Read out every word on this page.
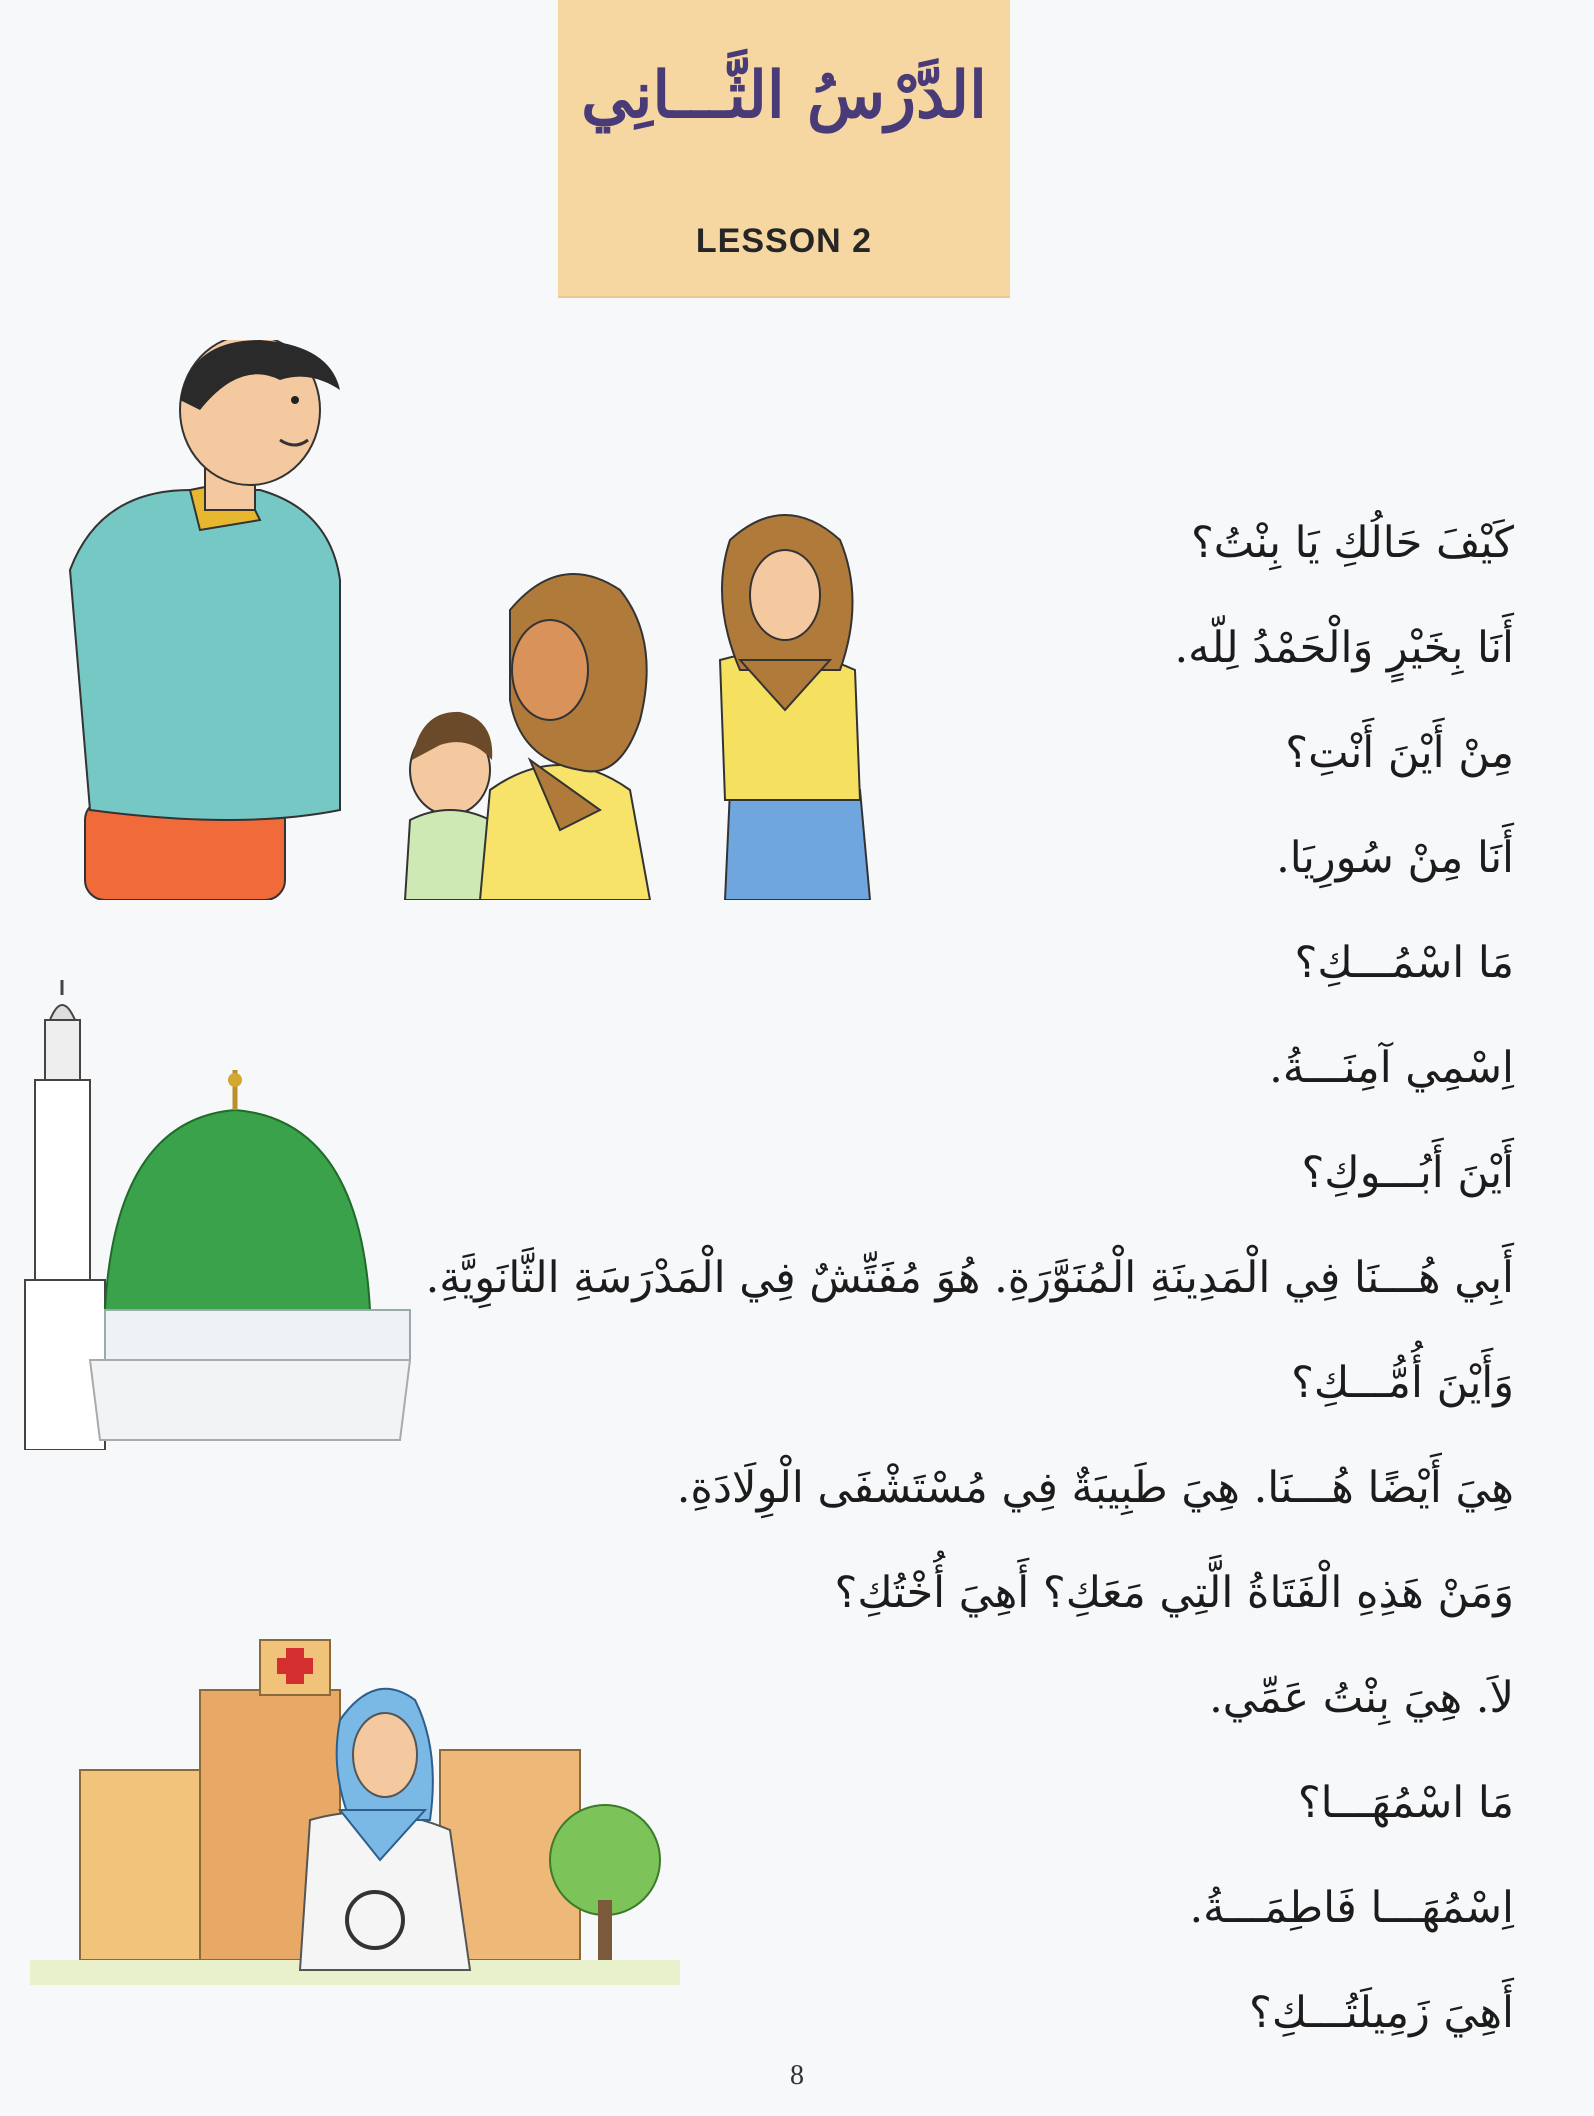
الدَّرْسُ الثَّـــانِي
LESSON 2
كَيْفَ حَالُكِ يَا بِنْتُ؟
أَنَا بِخَيْرٍ وَالْحَمْدُ لِلّه.
مِنْ أَيْنَ أَنْتِ؟
أَنَا مِنْ سُورِيَا.
مَا اسْمُـــكِ؟
اِسْمِي آمِنَـــةُ.
أَيْنَ أَبُـــوكِ؟
أَبِي هُـــنَا فِي الْمَدِينَةِ الْمُنَوَّرَةِ. هُوَ مُفَتِّشٌ فِي الْمَدْرَسَةِ الثَّانَوِيَّةِ.
وَأَيْنَ أُمُّـــكِ؟
هِيَ أَيْضًا هُـــنَا. هِيَ طَبِيبَةٌ فِي مُسْتَشْفَى الْوِلَادَةِ.
وَمَنْ هَذِهِ الْفَتَاةُ الَّتِي مَعَكِ؟ أَهِيَ أُخْتُكِ؟
لاَ. هِيَ بِنْتُ عَمِّي.
مَا اسْمُهَـــا؟
اِسْمُهَـــا فَاطِمَـــةُ.
أَهِيَ زَمِيلَتُـــكِ؟
8
